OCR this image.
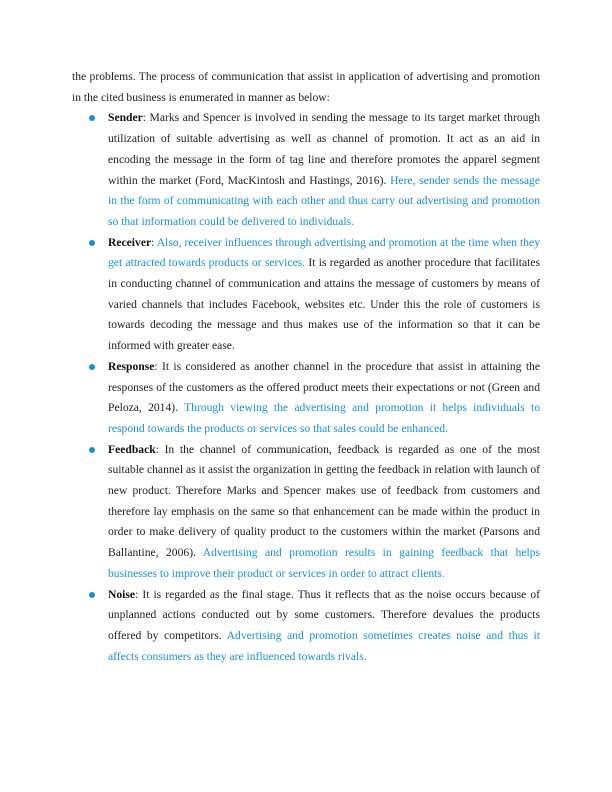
the problems. The process of communication that assist in application of advertising and promotion in the cited business is enumerated in manner as below:

Sender: Marks and Spencer is involved in sending the message to its target market through utilization of suitable advertising as well as channel of promotion. It act as an aid in encoding the message in the form of tag line and therefore promotes the apparel segment within the market (Ford, MacKintosh and Hastings, 2016). Here, sender sends the message in the form of communicating with each other and thus carry out advertising and promotion so that information could be delivered to individuals.
Receiver: Also, receiver influences through advertising and promotion at the time when they get attracted towards products or services. It is regarded as another procedure that facilitates in conducting channel of communication and attains the message of customers by means of varied channels that includes Facebook, websites etc. Under this the role of customers is towards decoding the message and thus makes use of the information so that it can be informed with greater ease.
Response: It is considered as another channel in the procedure that assist in attaining the responses of the customers as the offered product meets their expectations or not (Green and Peloza, 2014). Through viewing the advertising and promotion it helps individuals to respond towards the products or services so that sales could be enhanced.
Feedback: In the channel of communication, feedback is regarded as one of the most suitable channel as it assist the organization in getting the feedback in relation with launch of new product. Therefore Marks and Spencer makes use of feedback from customers and therefore lay emphasis on the same so that enhancement can be made within the product in order to make delivery of quality product to the customers within the market (Parsons and Ballantine, 2006). Advertising and promotion results in gaining feedback that helps businesses to improve their product or services in order to attract clients.
Noise: It is regarded as the final stage. Thus it reflects that as the noise occurs because of unplanned actions conducted out by some customers. Therefore devalues the products offered by competitors. Advertising and promotion sometimes creates noise and thus it affects consumers as they are influenced towards rivals.
